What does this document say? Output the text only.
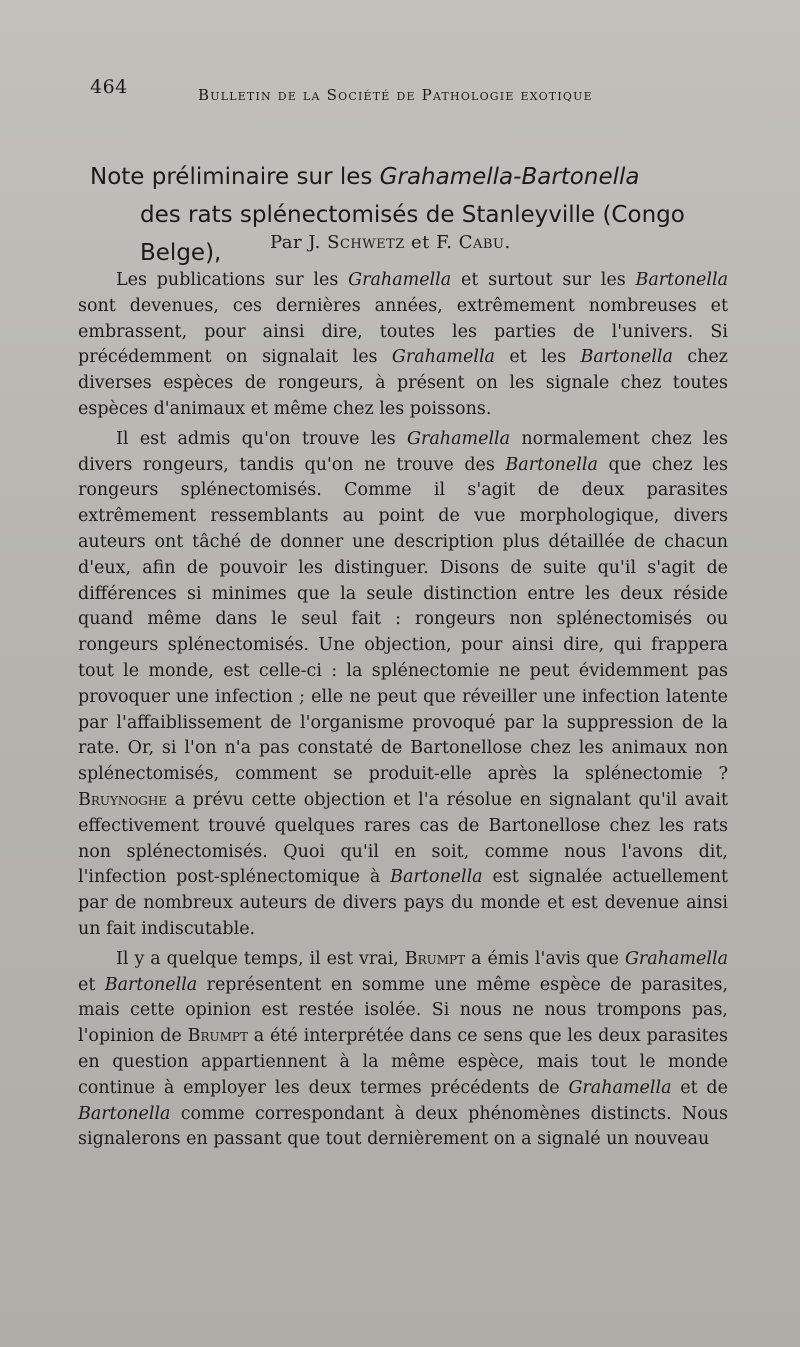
464	Bulletin de la Société de Pathologie exotique
Note préliminaire sur les Grahamella-Bartonella
des rats splénectomisés de Stanleyville (Congo Belge),	Par J. Schwetz et F. Cabu.

Les publications sur les Grahamella et surtout sur les Bartonella sont devenues, ces dernières années, extrêmement nombreuses et embrassent, pour ainsi dire, toutes les parties de l'univers. Si précédemment on signalait les Grahamella et les Bartonella chez diverses espèces de rongeurs, à présent on les signale chez toutes espèces d'animaux et même chez les poissons.

Il est admis qu'on trouve les Grahamella normalement chez les divers rongeurs, tandis qu'on ne trouve des Bartonella que chez les rongeurs splénectomisés. Comme il s'agit de deux parasites extrêmement ressemblants au point de vue morphologique, divers auteurs ont tâché de donner une description plus détaillée de chacun d'eux, afin de pouvoir les distinguer. Disons de suite qu'il s'agit de différences si minimes que la seule distinction entre les deux réside quand même dans le seul fait : rongeurs non splénectomisés ou rongeurs splénectomisés. Une objection, pour ainsi dire, qui frappera tout le monde, est celle-ci : la splénectomie ne peut évidemment pas provoquer une infection ; elle ne peut que réveiller une infection latente par l'affaiblissement de l'organisme provoqué par la suppression de la rate. Or, si l'on n'a pas constaté de Bartonellose chez les animaux non splénectomisés, comment se produit-elle après la splénectomie ? Bruynoghe a prévu cette objection et l'a résolue en signalant qu'il avait effectivement trouvé quelques rares cas de Bartonellose chez les rats non splénectomisés. Quoi qu'il en soit, comme nous l'avons dit, l'infection post-splénectomique à Bartonella est signalée actuellement par de nombreux auteurs de divers pays du monde et est devenue ainsi un fait indiscutable.

Il y a quelque temps, il est vrai, Brumpt a émis l'avis que Grahamella et Bartonella représentent en somme une même espèce de parasites, mais cette opinion est restée isolée. Si nous ne nous trompons pas, l'opinion de Brumpt a été interprétée dans ce sens que les deux parasites en question appartiennent à la même espèce, mais tout le monde continue à employer les deux termes précédents de Grahamella et de Bartonella comme correspondant à deux phénomènes distincts. Nous signalerons en passant que tout dernièrement on a signalé un nouveau
